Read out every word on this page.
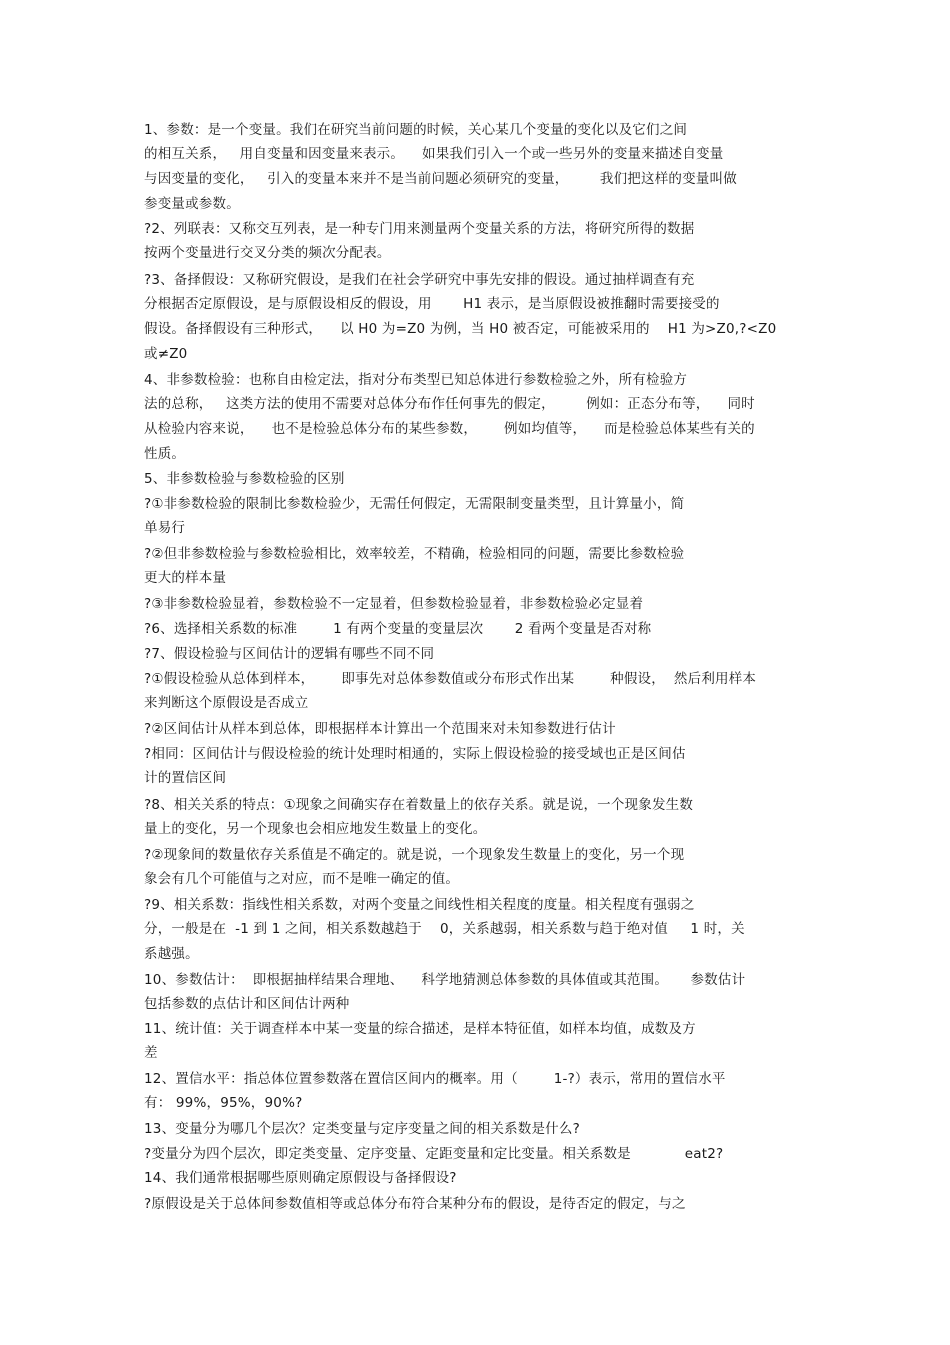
1、参数：是一个变量。我们在研究当前问题的时候，关心某几个变量的变化以及它们之间
的相互关系，   用自变量和因变量来表示。    如果我们引入一个或一些另外的变量来描述自变量
与因变量的变化，   引入的变量本来并不是当前问题必须研究的变量，       我们把这样的变量叫做
参变量或参数。
?2、列联表：又称交互列表，是一种专门用来测量两个变量关系的方法，将研究所得的数据
按两个变量进行交叉分类的频次分配表。
?3、备择假设：又称研究假设，是我们在社会学研究中事先安排的假设。通过抽样调查有充
分根据否定原假设，是与原假设相反的假设，用       H1 表示，是当原假设被推翻时需要接受的
假设。备择假设有三种形式，    以 H0 为=Z0 为例，当 H0 被否定，可能被采用的    H1 为>Z0,?<Z0
或≠Z0
4、非参数检验：也称自由检定法，指对分布类型已知总体进行参数检验之外，所有检验方
法的总称，   这类方法的使用不需要对总体分布作任何事先的假定，       例如：正态分布等，    同时
从检验内容来说，    也不是检验总体分布的某些参数，      例如均值等，    而是检验总体某些有关的
性质。
5、非参数检验与参数检验的区别
?①非参数检验的限制比参数检验少，无需任何假定，无需限制变量类型，且计算量小，简
单易行
?②但非参数检验与参数检验相比，效率较差，不精确，检验相同的问题，需要比参数检验
更大的样本量
?③非参数检验显着，参数检验不一定显着，但参数检验显着，非参数检验必定显着
?6、选择相关系数的标准        1 有两个变量的变量层次       2 看两个变量是否对称
?7、假设检验与区间估计的逻辑有哪些不同不同
?①假设检验从总体到样本，      即事先对总体参数值或分布形式作出某        种假设，  然后利用样本
来判断这个原假设是否成立
?②区间估计从样本到总体，即根据样本计算出一个范围来对未知参数进行估计
?相同：区间估计与假设检验的统计处理时相通的，实际上假设检验的接受域也正是区间估
计的置信区间
?8、相关关系的特点：①现象之间确实存在着数量上的依存关系。就是说，一个现象发生数
量上的变化，另一个现象也会相应地发生数量上的变化。
?②现象间的数量依存关系值是不确定的。就是说，一个现象发生数量上的变化，另一个现
象会有几个可能值与之对应，而不是唯一确定的值。
?9、相关系数：指线性相关系数，对两个变量之间线性相关程度的度量。相关程度有强弱之
分，一般是在  -1 到 1 之间，相关系数越趋于    0，关系越弱，相关系数与趋于绝对值     1 时，关
系越强。
10、参数估计：  即根据抽样结果合理地、    科学地猜测总体参数的具体值或其范围。     参数估计
包括参数的点估计和区间估计两种
11、统计值：关于调查样本中某一变量的综合描述，是样本特征值，如样本均值，成数及方
差
12、置信水平：指总体位置参数落在置信区间内的概率。用（        1-?）表示，常用的置信水平
有： 99%，95%，90%?
13、变量分为哪几个层次？定类变量与定序变量之间的相关系数是什么?
?变量分为四个层次，即定类变量、定序变量、定距变量和定比变量。相关系数是            eat2?
14、我们通常根据哪些原则确定原假设与备择假设?
?原假设是关于总体间参数值相等或总体分布符合某种分布的假设，是待否定的假定，与之
